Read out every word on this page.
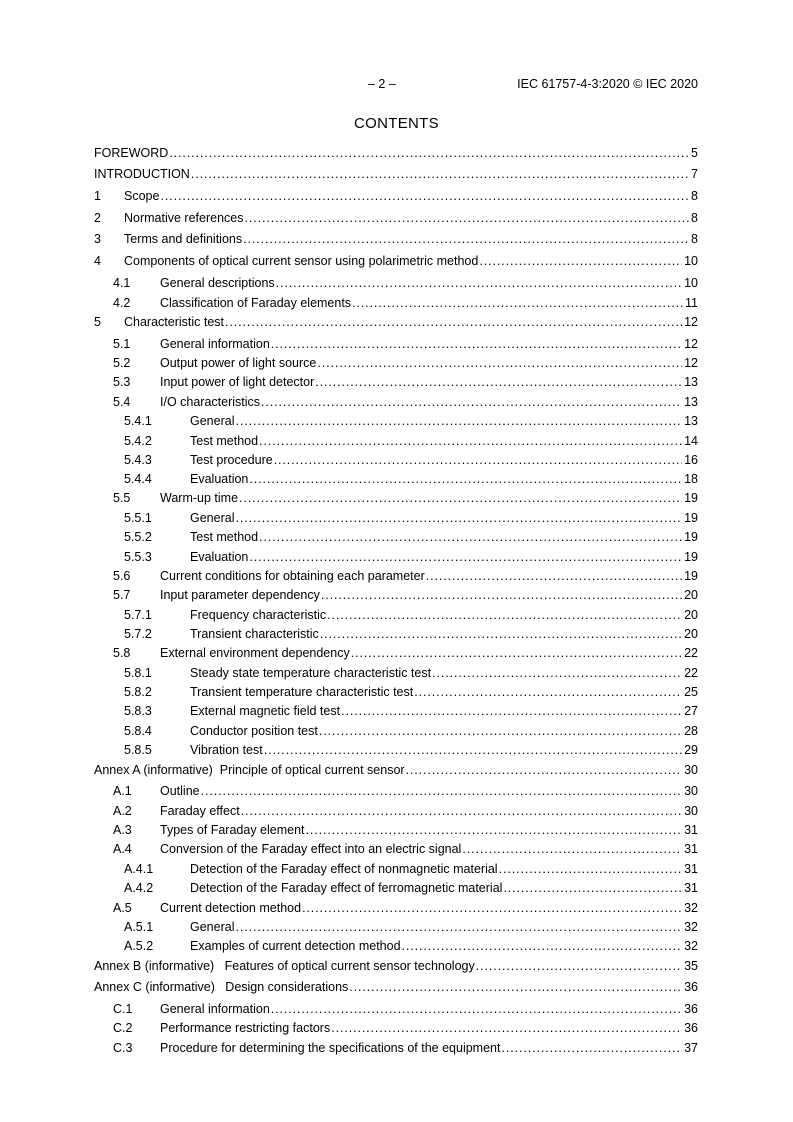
– 2 –	IEC 61757-4-3:2020 © IEC 2020
CONTENTS
FOREWORD .....	5
INTRODUCTION .....	7
1	Scope .....	8
2	Normative references .....	8
3	Terms and definitions .....	8
4	Components of optical current sensor using polarimetric method .....	10
4.1	General descriptions .....	10
4.2	Classification of Faraday elements .....	11
5	Characteristic test .....	12
5.1	General information .....	12
5.2	Output power of light source .....	12
5.3	Input power of light detector .....	13
5.4	I/O characteristics .....	13
5.4.1	General .....	13
5.4.2	Test method .....	14
5.4.3	Test procedure .....	16
5.4.4	Evaluation .....	18
5.5	Warm-up time .....	19
5.5.1	General .....	19
5.5.2	Test method .....	19
5.5.3	Evaluation .....	19
5.6	Current conditions for obtaining each parameter .....	19
5.7	Input parameter dependency .....	20
5.7.1	Frequency characteristic .....	20
5.7.2	Transient characteristic .....	20
5.8	External environment dependency .....	22
5.8.1	Steady state temperature characteristic test .....	22
5.8.2	Transient temperature characteristic test .....	25
5.8.3	External magnetic field test .....	27
5.8.4	Conductor position test .....	28
5.8.5	Vibration test .....	29
Annex A (informative)  Principle of optical current sensor .....	30
A.1	Outline .....	30
A.2	Faraday effect .....	30
A.3	Types of Faraday element .....	31
A.4	Conversion of the Faraday effect into an electric signal .....	31
A.4.1	Detection of the Faraday effect of nonmagnetic material .....	31
A.4.2	Detection of the Faraday effect of ferromagnetic material .....	31
A.5	Current detection method .....	32
A.5.1	General .....	32
A.5.2	Examples of current detection method .....	32
Annex B (informative)   Features of optical current sensor technology .....	35
Annex C (informative)   Design considerations .....	36
C.1	General information .....	36
C.2	Performance restricting factors .....	36
C.3	Procedure for determining the specifications of the equipment .....	37
